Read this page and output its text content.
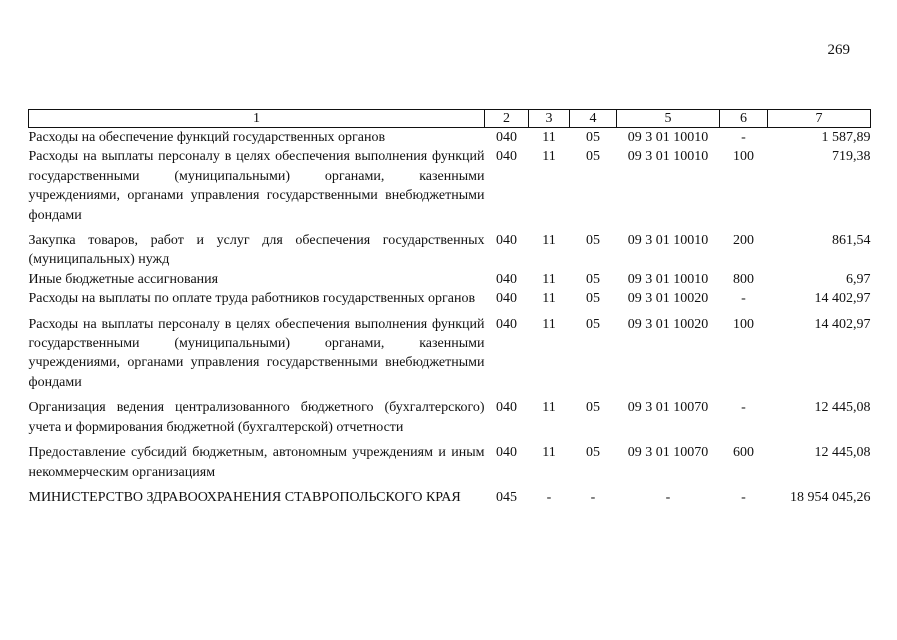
269
1	2	3	4	5	6	7
Расходы на обеспечение функций государственных органов	040	11	05	09 3 01 10010	-	1 587,89
Расходы на выплаты персоналу в целях обеспечения выполнения функций государственными (муниципальными) органами, казенными учреждениями, органами управления государственными внебюджетными фондами	040	11	05	09 3 01 10010	100	719,38

Закупка товаров, работ и услуг для обеспечения государственных (муниципальных) нужд	040	11	05	09 3 01 10010	200	861,54
Иные бюджетные ассигнования	040	11	05	09 3 01 10010	800	6,97
Расходы на выплаты по оплате труда работников государственных органов	040	11	05	09 3 01 10020	-	14 402,97

Расходы на выплаты персоналу в целях обеспечения выполнения функций государственными (муниципальными) органами, казенными учреждениями, органами управления государственными внебюджетными фондами	040	11	05	09 3 01 10020	100	14 402,97

Организация ведения централизованного бюджетного (бухгалтерского) учета и формирования бюджетной (бухгалтерской) отчетности	040	11	05	09 3 01 10070	-	12 445,08

Предоставление субсидий бюджетным, автономным учреждениям и иным некоммерческим организациям	040	11	05	09 3 01 10070	600	12 445,08

МИНИСТЕРСТВО ЗДРАВООХРАНЕНИЯ СТАВРОПОЛЬСКОГО КРАЯ	045	-	-	-	-	18 954 045,26
